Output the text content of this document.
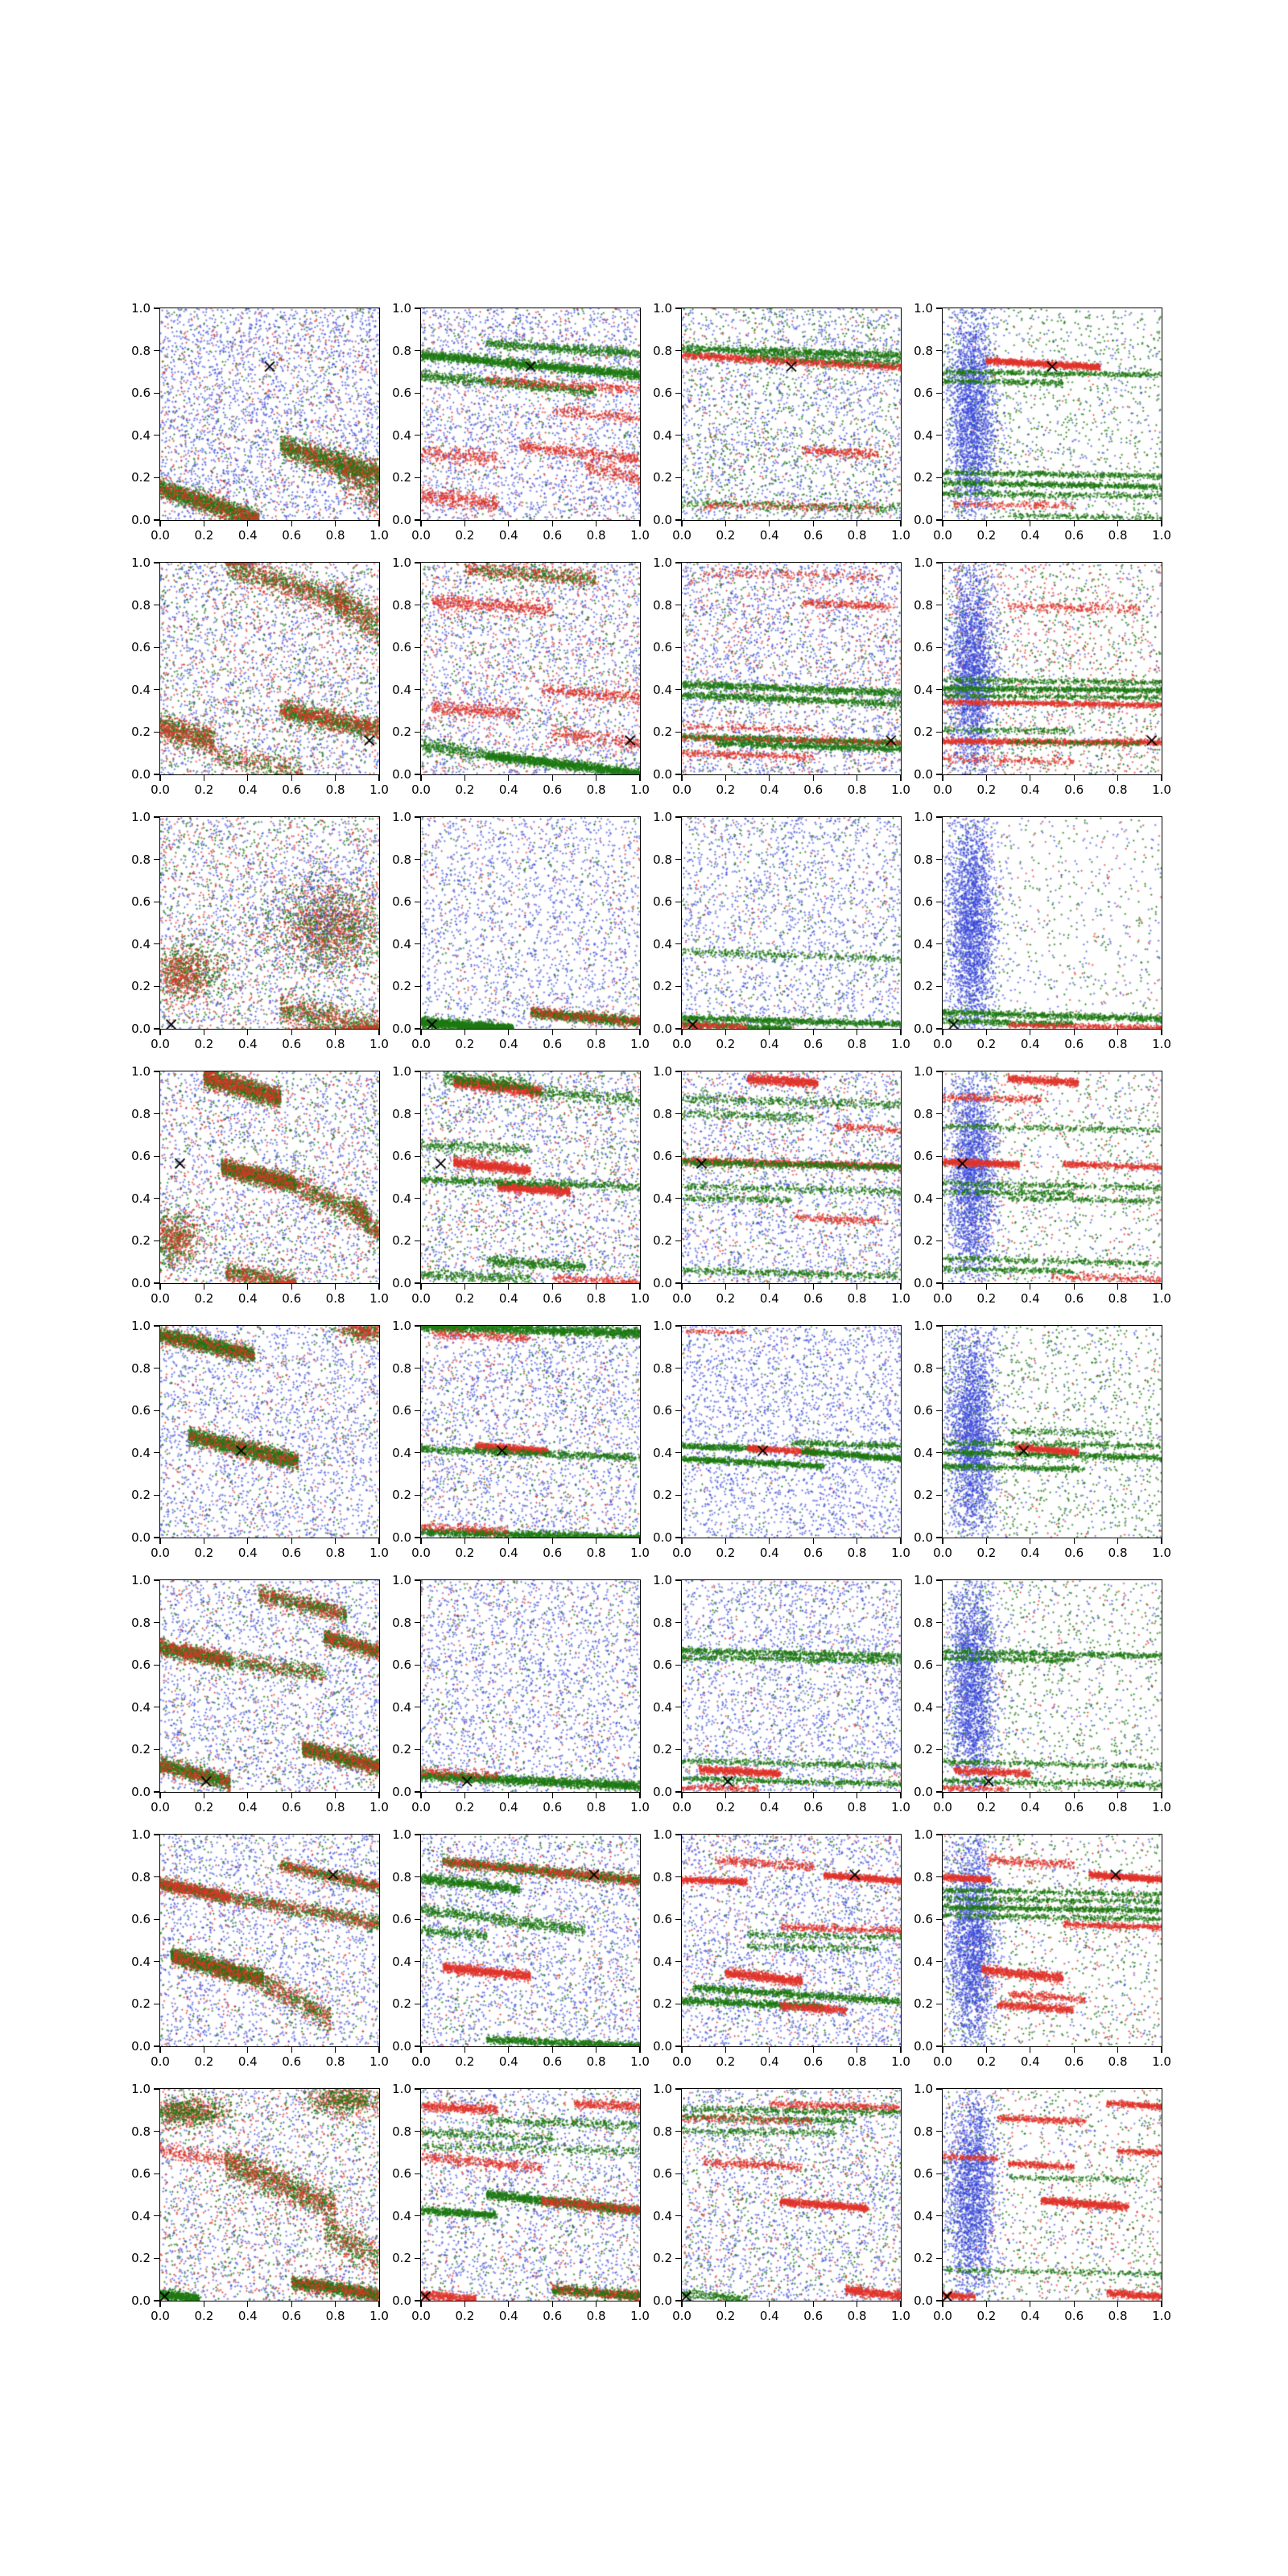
0.0 0.2 0.4 0.6 0.8 1.0
0.0
0.2
0.4
0.6
0.8
1.0
0.0 0.2 0.4 0.6 0.8 1.0
0.0
0.2
0.4
0.6
0.8
1.0
0.0 0.2 0.4 0.6 0.8 1.0
0.0
0.2
0.4
0.6
0.8
1.0
0.0 0.2 0.4 0.6 0.8 1.0
0.0
0.2
0.4
0.6
0.8
1.0
0.0 0.2 0.4 0.6 0.8 1.0
0.0
0.2
0.4
0.6
0.8
1.0
0.0 0.2 0.4 0.6 0.8 1.0
0.0
0.2
0.4
0.6
0.8
1.0
0.0 0.2 0.4 0.6 0.8 1.0
0.0
0.2
0.4
0.6
0.8
1.0
0.0 0.2 0.4 0.6 0.8 1.0
0.0
0.2
0.4
0.6
0.8
1.0
0.0 0.2 0.4 0.6 0.8 1.0
0.0
0.2
0.4
0.6
0.8
1.0
0.0 0.2 0.4 0.6 0.8 1.0
0.0
0.2
0.4
0.6
0.8
1.0
0.0 0.2 0.4 0.6 0.8 1.0
0.0
0.2
0.4
0.6
0.8
1.0
0.0 0.2 0.4 0.6 0.8 1.0
0.0
0.2
0.4
0.6
0.8
1.0
0.0 0.2 0.4 0.6 0.8 1.0
0.0
0.2
0.4
0.6
0.8
1.0
0.0 0.2 0.4 0.6 0.8 1.0
0.0
0.2
0.4
0.6
0.8
1.0
0.0 0.2 0.4 0.6 0.8 1.0
0.0
0.2
0.4
0.6
0.8
1.0
0.0 0.2 0.4 0.6 0.8 1.0
0.0
0.2
0.4
0.6
0.8
1.0
0.0 0.2 0.4 0.6 0.8 1.0
0.0
0.2
0.4
0.6
0.8
1.0
0.0 0.2 0.4 0.6 0.8 1.0
0.0
0.2
0.4
0.6
0.8
1.0
0.0 0.2 0.4 0.6 0.8 1.0
0.0
0.2
0.4
0.6
0.8
1.0
0.0 0.2 0.4 0.6 0.8 1.0
0.0
0.2
0.4
0.6
0.8
1.0
0.0 0.2 0.4 0.6 0.8 1.0
0.0
0.2
0.4
0.6
0.8
1.0
0.0 0.2 0.4 0.6 0.8 1.0
0.0
0.2
0.4
0.6
0.8
1.0
0.0 0.2 0.4 0.6 0.8 1.0
0.0
0.2
0.4
0.6
0.8
1.0
0.0 0.2 0.4 0.6 0.8 1.0
0.0
0.2
0.4
0.6
0.8
1.0
0.0 0.2 0.4 0.6 0.8 1.0
0.0
0.2
0.4
0.6
0.8
1.0
0.0 0.2 0.4 0.6 0.8 1.0
0.0
0.2
0.4
0.6
0.8
1.0
0.0 0.2 0.4 0.6 0.8 1.0
0.0
0.2
0.4
0.6
0.8
1.0
0.0 0.2 0.4 0.6 0.8 1.0
0.0
0.2
0.4
0.6
0.8
1.0
0.0 0.2 0.4 0.6 0.8 1.0
0.0
0.2
0.4
0.6
0.8
1.0
0.0 0.2 0.4 0.6 0.8 1.0
0.0
0.2
0.4
0.6
0.8
1.0
0.0 0.2 0.4 0.6 0.8 1.0
0.0
0.2
0.4
0.6
0.8
1.0
0.0 0.2 0.4 0.6 0.8 1.0
0.0
0.2
0.4
0.6
0.8
1.0
